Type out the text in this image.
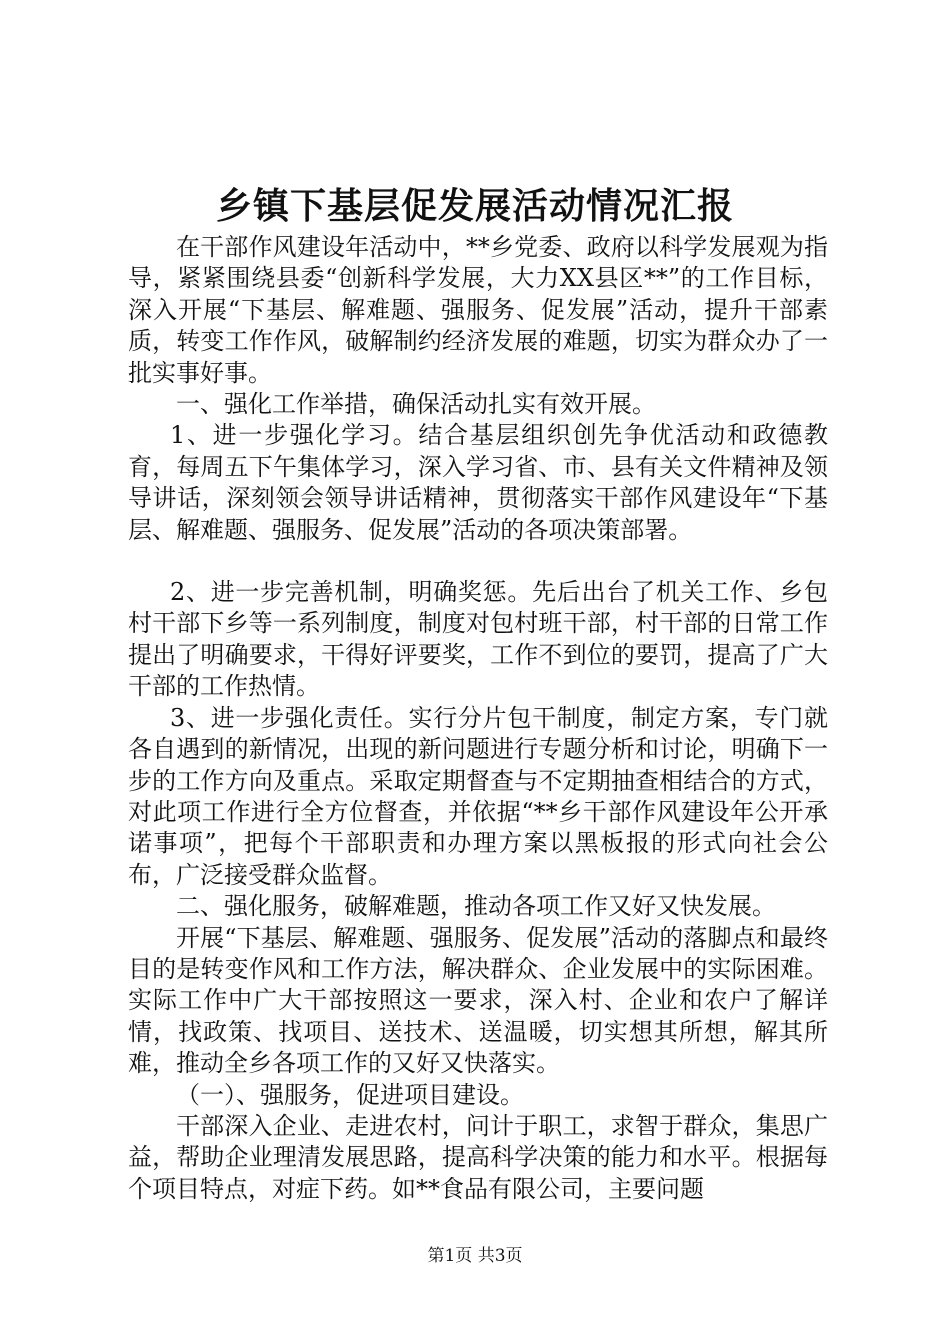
乡镇下基层促发展活动情况汇报

在干部作风建设年活动中，**乡党委、政府以科学发展观为指导，紧紧围绕县委“创新科学发展，大力XX县区**”的工作目标，深入开展“下基层、解难题、强服务、促发展”活动，提升干部素质，转变工作作风，破解制约经济发展的难题，切实为群众办了一批实事好事。

一、强化工作举措，确保活动扎实有效开展。

1、进一步强化学习。结合基层组织创先争优活动和政德教育，每周五下午集体学习，深入学习省、市、县有关文件精神及领导讲话，深刻领会领导讲话精神，贯彻落实干部作风建设年“下基层、解难题、强服务、促发展”活动的各项决策部署。

2、进一步完善机制，明确奖惩。先后出台了机关工作、乡包村干部下乡等一系列制度，制度对包村班干部，村干部的日常工作提出了明确要求，干得好评要奖，工作不到位的要罚，提高了广大干部的工作热情。

3、进一步强化责任。实行分片包干制度，制定方案，专门就各自遇到的新情况，出现的新问题进行专题分析和讨论，明确下一步的工作方向及重点。采取定期督查与不定期抽查相结合的方式，对此项工作进行全方位督查，并依据“**乡干部作风建设年公开承诺事项”，把每个干部职责和办理方案以黑板报的形式向社会公布，广泛接受群众监督。

二、强化服务，破解难题，推动各项工作又好又快发展。

开展“下基层、解难题、强服务、促发展”活动的落脚点和最终目的是转变作风和工作方法，解决群众、企业发展中的实际困难。实际工作中广大干部按照这一要求，深入村、企业和农户了解详情，找政策、找项目、送技术、送温暖，切实想其所想，解其所难，推动全乡各项工作的又好又快落实。

（一）、强服务，促进项目建设。

干部深入企业、走进农村，问计于职工，求智于群众，集思广益，帮助企业理清发展思路，提高科学决策的能力和水平。根据每个项目特点，对症下药。如**食品有限公司，主要问题

第1页 共3页
